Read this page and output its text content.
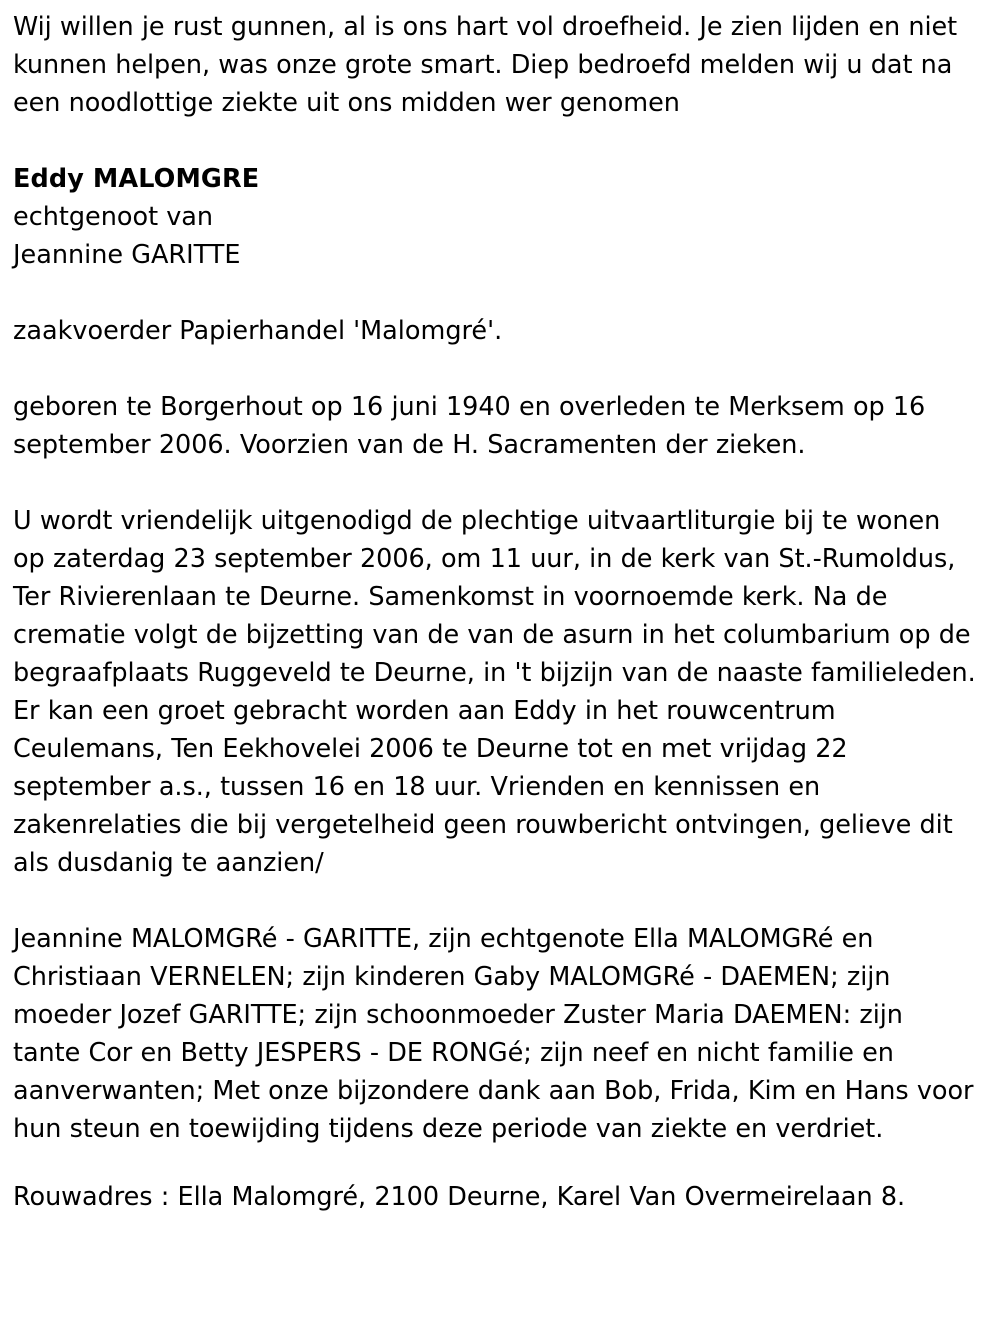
Wij willen je rust gunnen, al is ons hart vol droefheid. Je zien lijden en niet kunnen helpen, was onze grote smart. Diep bedroefd melden wij u dat na een noodlottige ziekte uit ons midden wer genomen
Eddy MALOMGRE
echtgenoot van
Jeannine GARITTE
zaakvoerder Papierhandel 'Malomgré'.
geboren te Borgerhout op 16 juni 1940 en overleden te Merksem op 16 september 2006. Voorzien van de H. Sacramenten der zieken.
U wordt vriendelijk uitgenodigd de plechtige uitvaartliturgie bij te wonen op zaterdag 23 september 2006, om 11 uur, in de kerk van St.-Rumoldus, Ter Rivierenlaan te Deurne. Samenkomst in voornoemde kerk. Na de crematie volgt de bijzetting van de van de asurn in het columbarium op de begraafplaats Ruggeveld te Deurne, in 't bijzijn van de naaste familieleden. Er kan een groet gebracht worden aan Eddy in het rouwcentrum Ceulemans, Ten Eekhovelei 2006 te Deurne tot en met vrijdag 22 september a.s., tussen 16 en 18 uur. Vrienden en kennissen en zakenrelaties die bij vergetelheid geen rouwbericht ontvingen, gelieve dit als dusdanig te aanzien/
Jeannine MALOMGRé - GARITTE, zijn echtgenote Ella MALOMGRé en Christiaan VERNELEN; zijn kinderen Gaby MALOMGRé - DAEMEN; zijn moeder Jozef GARITTE; zijn schoonmoeder Zuster Maria DAEMEN: zijn tante Cor en Betty JESPERS - DE RONGé; zijn neef en nicht familie en aanverwanten; Met onze bijzondere dank aan Bob, Frida, Kim en Hans voor hun steun en toewijding tijdens deze periode van ziekte en verdriet.
Rouwadres : Ella Malomgré, 2100 Deurne, Karel Van Overmeirelaan 8.
